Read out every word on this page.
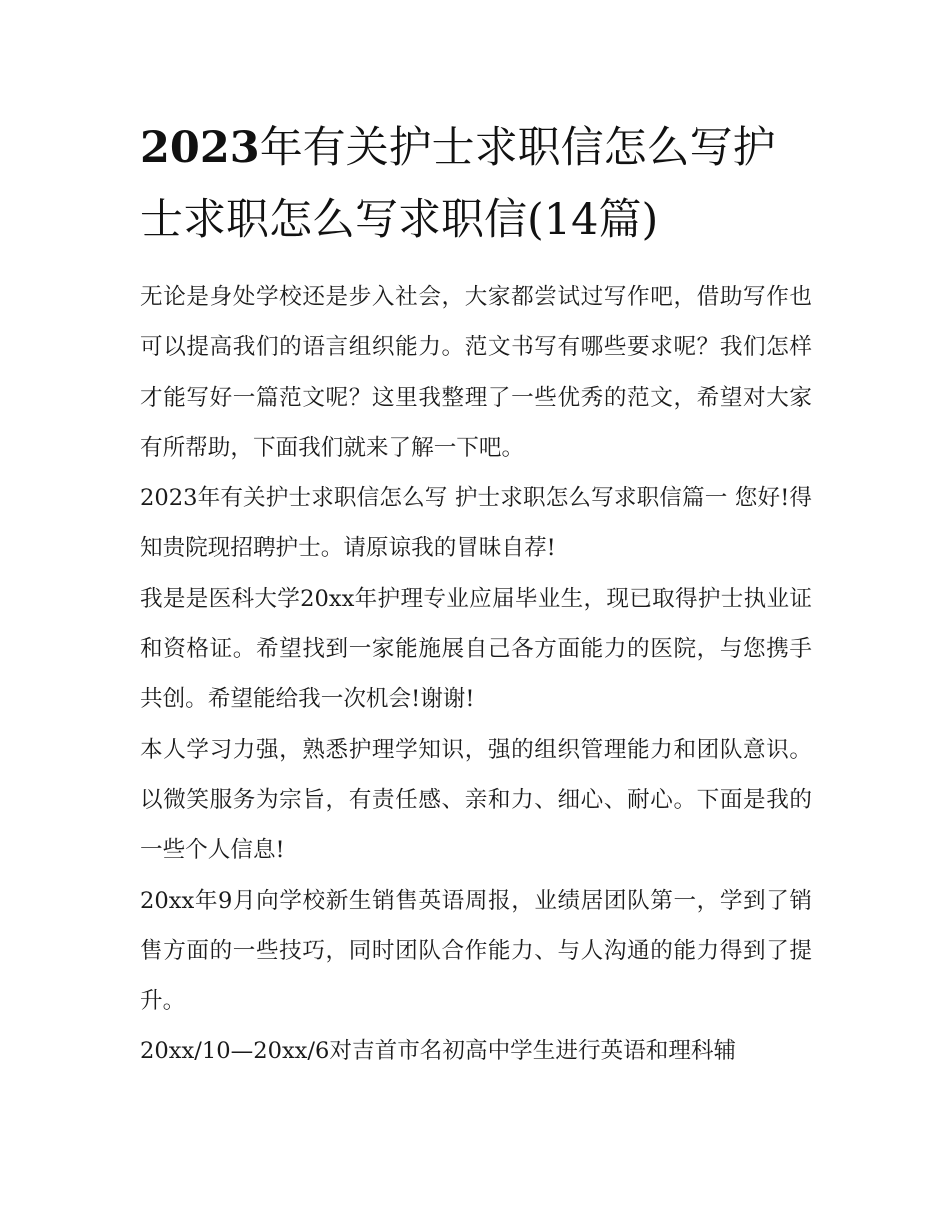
2023年有关护士求职信怎么写护士求职怎么写求职信(14篇)

无论是身处学校还是步入社会，大家都尝试过写作吧，借助写作也可以提高我们的语言组织能力。范文书写有哪些要求呢？我们怎样才能写好一篇范文呢？这里我整理了一些优秀的范文，希望对大家有所帮助，下面我们就来了解一下吧。

2023年有关护士求职信怎么写 护士求职怎么写求职信篇一 您好!得知贵院现招聘护士。请原谅我的冒昧自荐!

我是是医科大学20xx年护理专业应届毕业生，现已取得护士执业证和资格证。希望找到一家能施展自己各方面能力的医院，与您携手共创。希望能给我一次机会!谢谢!

本人学习力强，熟悉护理学知识，强的组织管理能力和团队意识。以微笑服务为宗旨，有责任感、亲和力、细心、耐心。下面是我的一些个人信息!

20xx年9月向学校新生销售英语周报，业绩居团队第一，学到了销售方面的一些技巧，同时团队合作能力、与人沟通的能力得到了提升。

20xx/10—20xx/6对吉首市名初高中学生进行英语和理科辅
